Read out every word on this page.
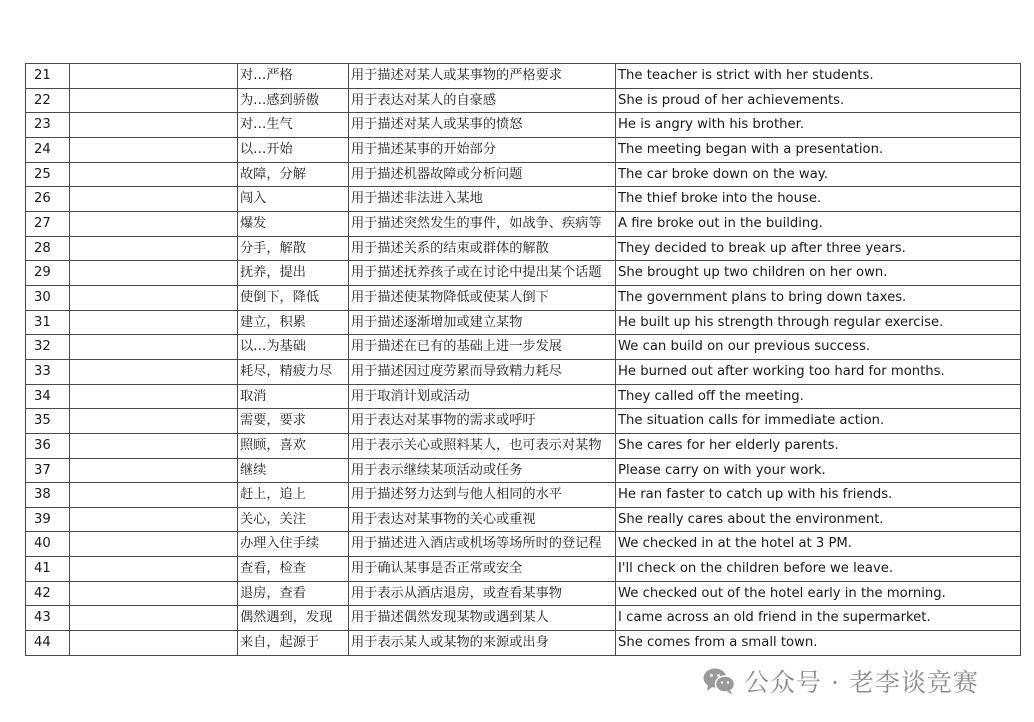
21		对…严格	用于描述对某人或某事物的严格要求	The teacher is strict with her students.
22		为…感到骄傲	用于表达对某人的自豪感	She is proud of her achievements.
23		对…生气	用于描述对某人或某事的愤怒	He is angry with his brother.
24		以…开始	用于描述某事的开始部分	The meeting began with a presentation.
25		故障，分解	用于描述机器故障或分析问题	The car broke down on the way.
26		闯入	用于描述非法进入某地	The thief broke into the house.
27		爆发	用于描述突然发生的事件，如战争、疾病等	A fire broke out in the building.
28		分手，解散	用于描述关系的结束或群体的解散	They decided to break up after three years.
29		抚养，提出	用于描述抚养孩子或在讨论中提出某个话题	She brought up two children on her own.
30		使倒下，降低	用于描述使某物降低或使某人倒下	The government plans to bring down taxes.
31		建立，积累	用于描述逐渐增加或建立某物	He built up his strength through regular exercise.
32		以…为基础	用于描述在已有的基础上进一步发展	We can build on our previous success.
33		耗尽，精疲力尽	用于描述因过度劳累而导致精力耗尽	He burned out after working too hard for months.
34		取消	用于取消计划或活动	They called off the meeting.
35		需要，要求	用于表达对某事物的需求或呼吁	The situation calls for immediate action.
36		照顾，喜欢	用于表示关心或照料某人，也可表示对某物	She cares for her elderly parents.
37		继续	用于表示继续某项活动或任务	Please carry on with your work.
38		赶上，追上	用于描述努力达到与他人相同的水平	He ran faster to catch up with his friends.
39		关心，关注	用于表达对某事物的关心或重视	She really cares about the environment.
40		办理入住手续	用于描述进入酒店或机场等场所时的登记程	We checked in at the hotel at 3 PM.
41		查看，检查	用于确认某事是否正常或安全	I'll check on the children before we leave.
42		退房，查看	用于表示从酒店退房，或查看某事物	We checked out of the hotel early in the morning.
43		偶然遇到，发现	用于描述偶然发现某物或遇到某人	I came across an old friend in the supermarket.
44		来自，起源于	用于表示某人或某物的来源或出身	She comes from a small town.
公众号 · 老李谈竞赛
